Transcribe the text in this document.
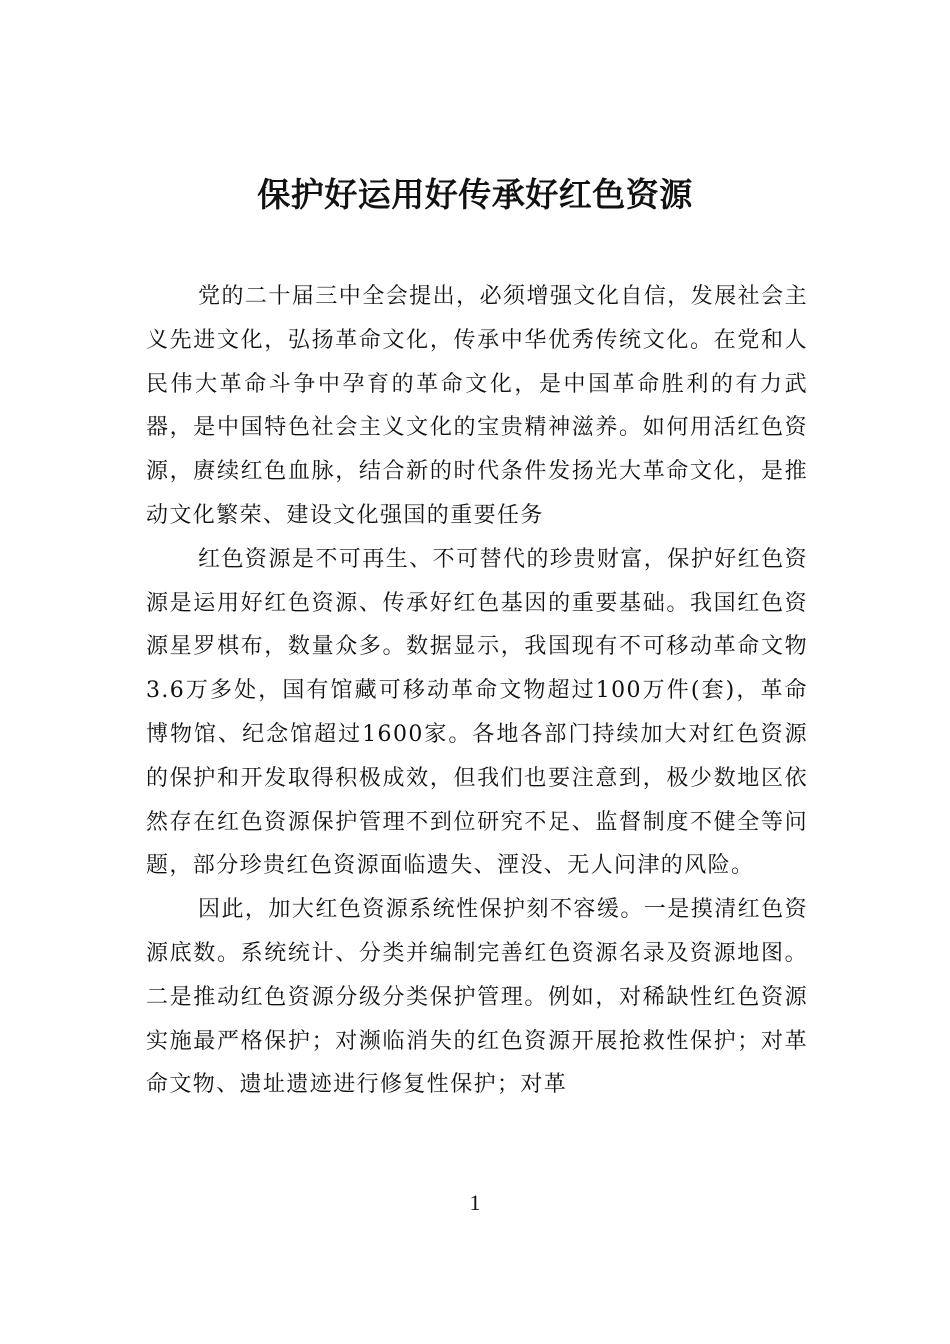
保护好运用好传承好红色资源

党的二十届三中全会提出，必须增强文化自信，发展社会主义先进文化，弘扬革命文化，传承中华优秀传统文化。在党和人民伟大革命斗争中孕育的革命文化，是中国革命胜利的有力武器，是中国特色社会主义文化的宝贵精神滋养。如何用活红色资源，赓续红色血脉，结合新的时代条件发扬光大革命文化，是推动文化繁荣、建设文化强国的重要任务

红色资源是不可再生、不可替代的珍贵财富，保护好红色资源是运用好红色资源、传承好红色基因的重要基础。我国红色资源星罗棋布，数量众多。数据显示，我国现有不可移动革命文物3.6万多处，国有馆藏可移动革命文物超过100万件(套)，革命博物馆、纪念馆超过1600家。各地各部门持续加大对红色资源的保护和开发取得积极成效，但我们也要注意到，极少数地区依然存在红色资源保护管理不到位研究不足、监督制度不健全等问题，部分珍贵红色资源面临遗失、湮没、无人问津的风险。

因此，加大红色资源系统性保护刻不容缓。一是摸清红色资源底数。系统统计、分类并编制完善红色资源名录及资源地图。二是推动红色资源分级分类保护管理。例如，对稀缺性红色资源实施最严格保护；对濒临消失的红色资源开展抢救性保护；对革命文物、遗址遗迹进行修复性保护；对革

1
